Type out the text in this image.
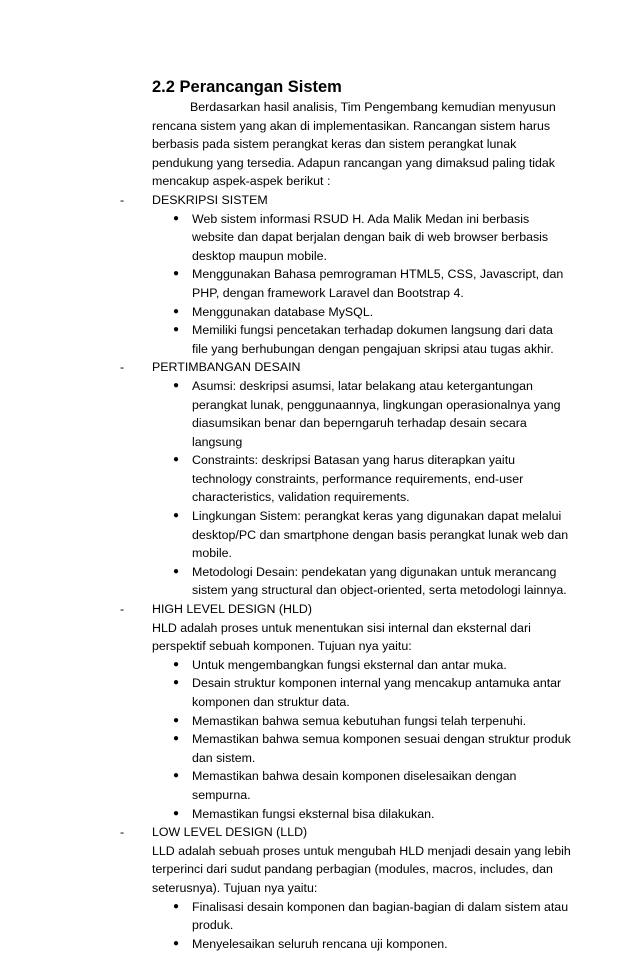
2.2 Perancangan Sistem

Berdasarkan hasil analisis, Tim Pengembang kemudian menyusun rencana sistem yang akan di implementasikan. Rancangan sistem harus berbasis pada sistem perangkat keras dan sistem perangkat lunak pendukung yang tersedia. Adapun rancangan yang dimaksud paling tidak mencakup aspek-aspek berikut :

-	DESKRIPSI SISTEM

● Web sistem informasi RSUD H. Ada Malik Medan ini berbasis website dan dapat berjalan dengan baik di web browser berbasis desktop maupun mobile.
● Menggunakan Bahasa pemrograman HTML5, CSS, Javascript, dan PHP, dengan framework Laravel dan Bootstrap 4.
● Menggunakan database MySQL.
● Memiliki fungsi pencetakan terhadap dokumen langsung dari data file yang berhubungan dengan pengajuan skripsi atau tugas akhir.
-	PERTIMBANGAN DESAIN

● Asumsi: deskripsi asumsi, latar belakang atau ketergantungan perangkat lunak, penggunaannya, lingkungan operasionalnya yang diasumsikan benar dan beperngaruh terhadap desain secara langsung
● Constraints: deskripsi Batasan yang harus diterapkan yaitu technology constraints, performance requirements, end-user characteristics, validation requirements.
● Lingkungan Sistem: perangkat keras yang digunakan dapat melalui desktop/PC dan smartphone dengan basis perangkat lunak web dan mobile.
● Metodologi Desain: pendekatan yang digunakan untuk merancang sistem yang structural dan object-oriented, serta metodologi lainnya.
-	HIGH LEVEL DESIGN (HLD)

HLD adalah proses untuk menentukan sisi internal dan eksternal dari perspektif sebuah komponen. Tujuan nya yaitu:

● Untuk mengembangkan fungsi eksternal dan antar muka.
● Desain struktur komponen internal yang mencakup antamuka antar komponen dan struktur data.
● Memastikan bahwa semua kebutuhan fungsi telah terpenuhi.
● Memastikan bahwa semua komponen sesuai dengan struktur produk dan sistem.
● Memastikan bahwa desain komponen diselesaikan dengan sempurna.
● Memastikan fungsi eksternal bisa dilakukan.
-	LOW LEVEL DESIGN (LLD)

LLD adalah sebuah proses untuk mengubah HLD menjadi desain yang lebih terperinci dari sudut pandang perbagian (modules, macros, includes, dan seterusnya). Tujuan nya yaitu:

● Finalisasi desain komponen dan bagian-bagian di dalam sistem atau produk.
● Menyelesaikan seluruh rencana uji komponen.
